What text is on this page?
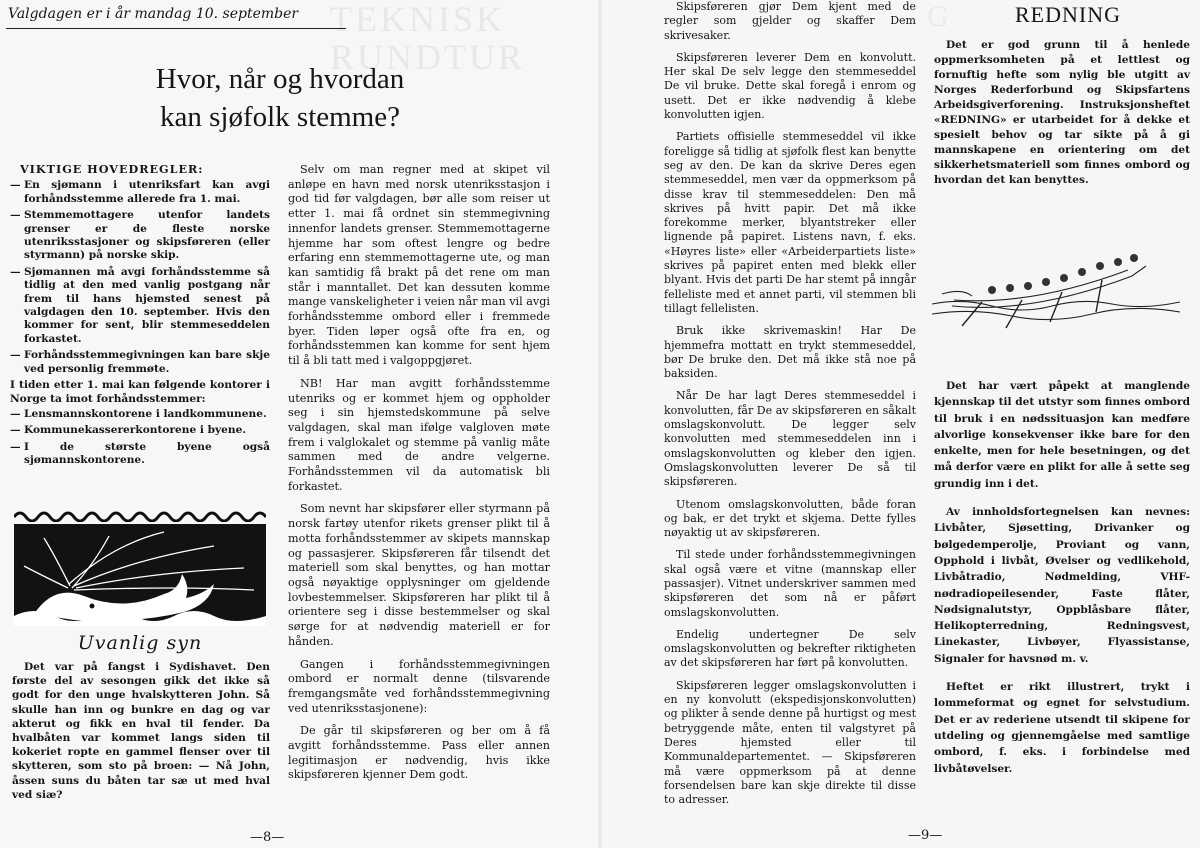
TEKNISK
RUNDTUR
Valgdagen er i år mandag 10. september
Hvor, når og hvordan
kan sjøfolk stemme?
VIKTIGE HOVEDREGLER:
— En sjømann i utenriksfart kan avgi forhåndsstemme allerede fra 1. mai.
— Stemmemottagere utenfor landets grenser er de fleste norske utenriksstasjoner og skipsføreren (eller styrmann) på norske skip.
— Sjømannen må avgi forhåndsstemme så tidlig at den med vanlig postgang når frem til hans hjemsted senest på valgdagen den 10. september. Hvis den kommer for sent, blir stemmeseddelen forkastet.
— Forhåndsstemmegivningen kan bare skje ved personlig fremmøte.
I tiden etter 1. mai kan følgende kontorer i Norge ta imot forhåndsstemmer:
— Lensmannskontorene i landkommunene.
— Kommunekassererkontorene i byene.
— I de største byene også sjømannskontorene.
Uvanlig syn

Det var på fangst i Sydishavet. Den første del av sesongen gikk det ikke så godt for den unge hvalskytteren John. Så skulle han inn og bunkre en dag og var akterut og fikk en hval til fender. Da hvalbåten var kommet langs siden til kokeriet ropte en gammel flenser over til skytteren, som sto på broen: — Nå John, åssen suns du båten tar sæ ut med hval ved siæ?

Selv om man regner med at skipet vil anløpe en havn med norsk utenriksstasjon i god tid før valgdagen, bør alle som reiser ut etter 1. mai få ordnet sin stemmegivning innenfor landets grenser. Stemmemottagerne hjemme har som oftest lengre og bedre erfaring enn stemmemottagerne ute, og man kan samtidig få brakt på det rene om man står i manntallet. Det kan dessuten komme mange vanskeligheter i veien når man vil avgi forhåndsstemme ombord eller i fremmede byer. Tiden løper også ofte fra en, og forhåndsstemmen kan komme for sent hjem til å bli tatt med i valgoppgjøret.

NB! Har man avgitt forhåndsstemme utenriks og er kommet hjem og oppholder seg i sin hjemstedskommune på selve valgdagen, skal man ifølge valgloven møte frem i valglokalet og stemme på vanlig måte sammen med de andre velgerne. Forhåndsstemmen vil da automatisk bli forkastet.

Som nevnt har skipsfører eller styrmann på norsk fartøy utenfor rikets grenser plikt til å motta forhåndsstemmer av skipets mannskap og passasjerer. Skipsføreren får tilsendt det materiell som skal benyttes, og han mottar også nøyaktige opplysninger om gjeldende lovbestemmelser. Skipsføreren har plikt til å orientere seg i disse bestemmelser og skal sørge for at nødvendig materiell er for hånden.

Gangen i forhåndsstemmegivningen ombord er normalt denne (tilsvarende fremgangsmåte ved forhåndsstemmegivning ved utenriksstasjonene):

De går til skipsføreren og ber om å få avgitt forhåndsstemme. Pass eller annen legitimasjon er nødvendig, hvis ikke skipsføreren kjenner Dem godt.

—8—
G

Skipsføreren gjør Dem kjent med de regler som gjelder og skaffer Dem skrivesaker.

Skipsføreren leverer Dem en konvolutt. Her skal De selv legge den stemmeseddel De vil bruke. Dette skal foregå i enrom og usett. Det er ikke nødvendig å klebe konvolutten igjen.

Partiets offisielle stemmeseddel vil ikke foreligge så tidlig at sjøfolk flest kan benytte seg av den. De kan da skrive Deres egen stemmeseddel, men vær da oppmerksom på disse krav til stemmeseddelen: Den må skrives på hvitt papir. Det må ikke forekomme merker, blyantstreker eller lignende på papiret. Listens navn, f. eks. «Høyres liste» eller «Arbeiderpartiets liste» skrives på papiret enten med blekk eller blyant. Hvis det parti De har stemt på inngår felleliste med et annet parti, vil stemmen bli tillagt fellelisten.

Bruk ikke skrivemaskin! Har De hjemmefra mottatt en trykt stemmeseddel, bør De bruke den. Det må ikke stå noe på baksiden.

Når De har lagt Deres stemmeseddel i konvolutten, får De av skipsføreren en såkalt omslagskonvolutt. De legger selv konvolutten med stemmeseddelen inn i omslagskonvolutten og kleber den igjen. Omslagskonvolutten leverer De så til skipsføreren.

Utenom omslagskonvolutten, både foran og bak, er det trykt et skjema. Dette fylles nøyaktig ut av skipsføreren.

Til stede under forhåndsstemmegivningen skal også være et vitne (mannskap eller passasjer). Vitnet underskriver sammen med skipsføreren det som nå er påført omslagskonvolutten.

Endelig undertegner De selv omslagskonvolutten og bekrefter riktigheten av det skipsføreren har ført på konvolutten.

Skipsføreren legger omslagskonvolutten i en ny konvolutt (ekspedisjonskonvolutten) og plikter å sende denne på hurtigst og mest betryggende måte, enten til valgstyret på Deres hjemsted eller til Kommunaldepartementet. — Skipsføreren må være oppmerksom på at denne forsendelsen bare kan skje direkte til disse to adresser.

REDNING

Det er god grunn til å henlede oppmerksomheten på et lettlest og fornuftig hefte som nylig ble utgitt av Norges Rederforbund og Skipsfartens Arbeidsgiverforening. Instruksjonsheftet «REDNING» er utarbeidet for å dekke et spesielt behov og tar sikte på å gi mannskapene en orientering om det sikkerhetsmateriell som finnes ombord og hvordan det kan benyttes.

Det har vært påpekt at manglende kjennskap til det utstyr som finnes ombord til bruk i en nødssituasjon kan medføre alvorlige konsekvenser ikke bare for den enkelte, men for hele besetningen, og det må derfor være en plikt for alle å sette seg grundig inn i det.

Av innholdsfortegnelsen kan nevnes: Livbåter, Sjøsetting, Drivanker og bølgedemperolje, Proviant og vann, Opphold i livbåt, Øvelser og vedlikehold, Livbåtradio, Nødmelding, VHF-nødradiopeilesender, Faste flåter, Nødsignalutstyr, Oppblåsbare flåter, Helikopterredning, Redningsvest, Linekaster, Livbøyer, Flyassistanse, Signaler for havsnød m. v.

Heftet er rikt illustrert, trykt i lommeformat og egnet for selvstudium. Det er av rederiene utsendt til skipene for utdeling og gjennemgåelse med samtlige ombord, f. eks. i forbindelse med livbåtøvelser.

—9—
